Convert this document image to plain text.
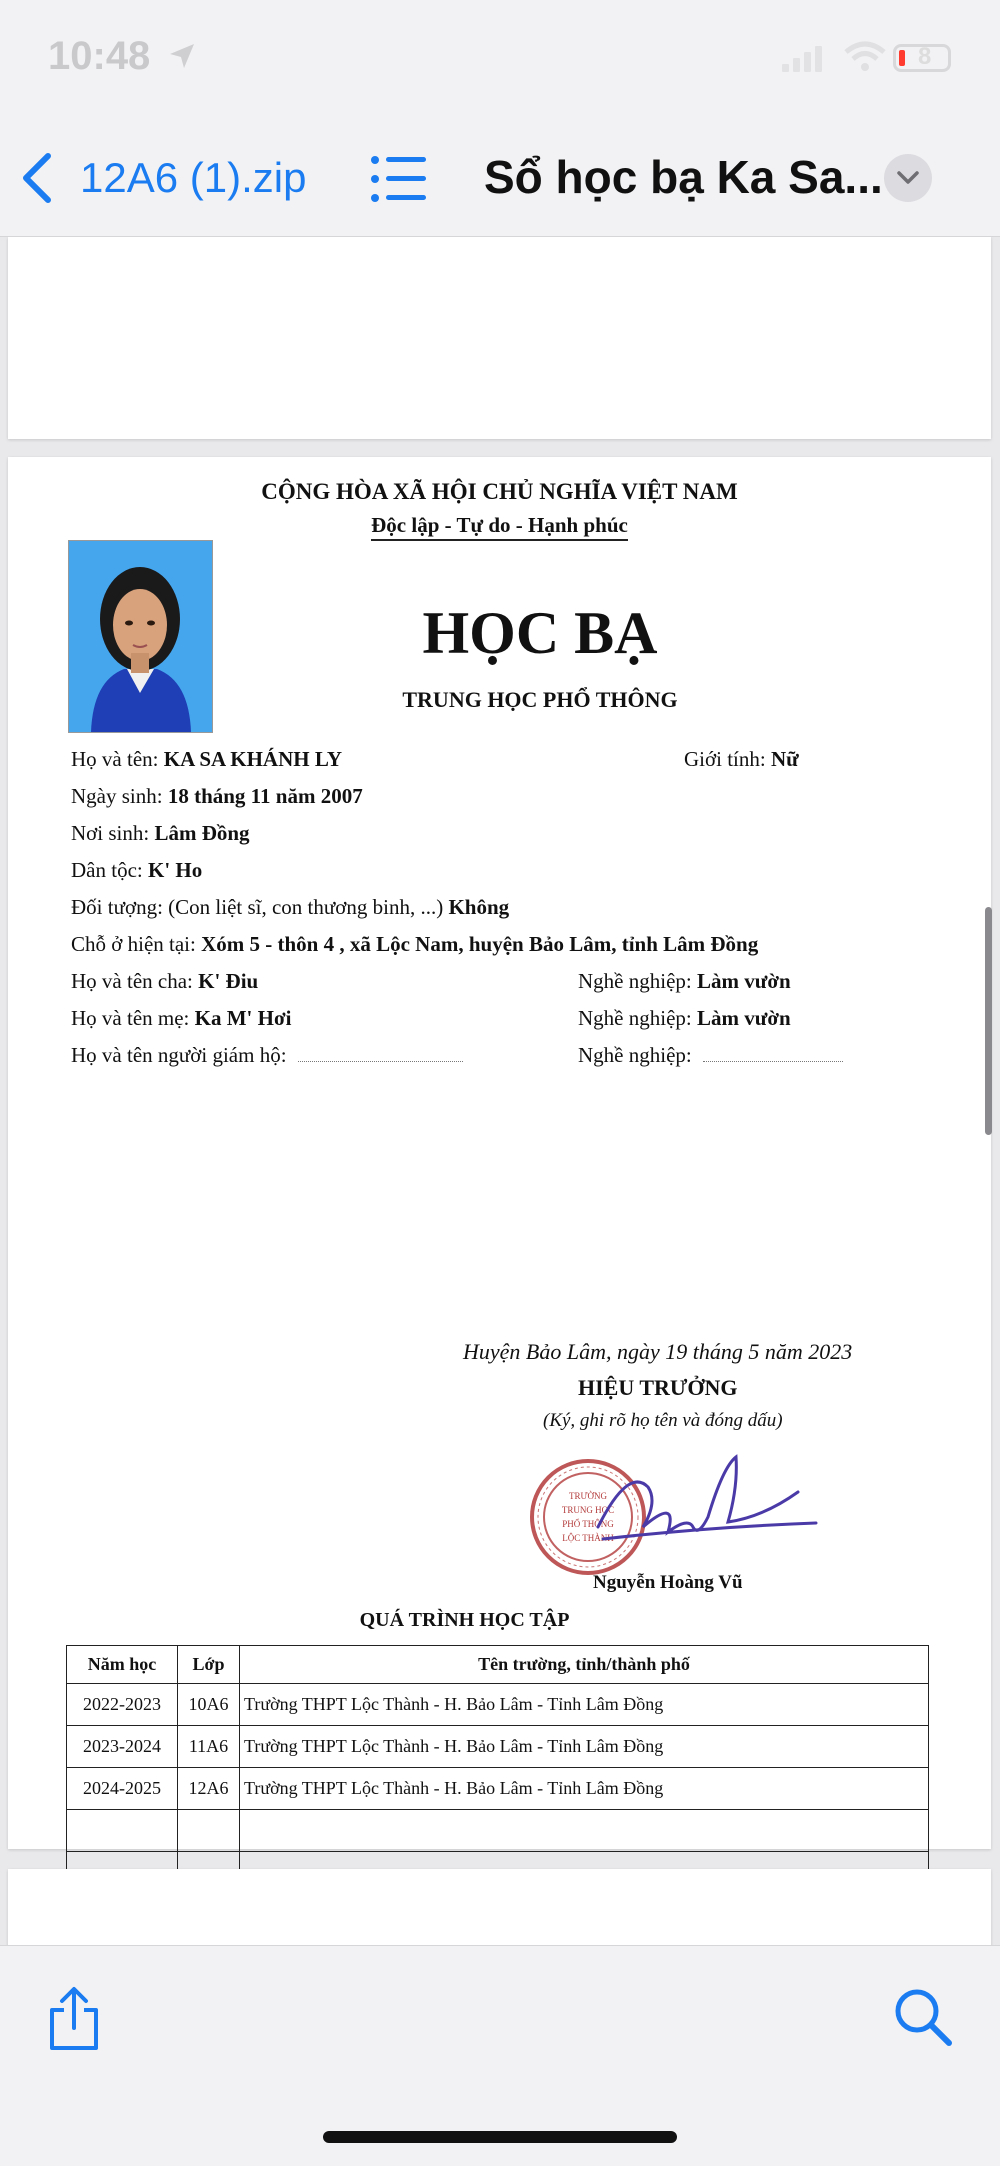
10:48	8
12A6 (1).zip	Sổ học bạ Ka Sa...
CỘNG HÒA XÃ HỘI CHỦ NGHĨA VIỆT NAM
Độc lập - Tự do - Hạnh phúc
HỌC BẠ
TRUNG HỌC PHỔ THÔNG
Họ và tên: KA SA KHÁNH LY	Giới tính: Nữ
Ngày sinh: 18 tháng 11 năm 2007
Nơi sinh: Lâm Đồng
Dân tộc: K' Ho
Đối tượng: (Con liệt sĩ, con thương binh, ...) Không
Chỗ ở hiện tại: Xóm 5 - thôn 4 , xã Lộc Nam, huyện Bảo Lâm, tỉnh Lâm Đồng
Họ và tên cha: K' Điu	Nghề nghiệp: Làm vườn
Họ và tên mẹ: Ka M' Hơi	Nghề nghiệp: Làm vườn
Họ và tên người giám hộ:	Nghề nghiệp:
Huyện Bảo Lâm, ngày 19 tháng 5 năm 2023
HIỆU TRƯỞNG
(Ký, ghi rõ họ tên và đóng dấu)
TRƯỜNG
TRUNG HỌC
PHỔ THÔNG
LỘC THÀNH
Nguyễn Hoàng Vũ
QUÁ TRÌNH HỌC TẬP
Năm học	Lớp	Tên trường, tỉnh/thành phố
2022-2023	10A6	Trường THPT Lộc Thành - H. Bảo Lâm - Tỉnh Lâm Đồng
2023-2024	11A6	Trường THPT Lộc Thành - H. Bảo Lâm - Tỉnh Lâm Đồng
2024-2025	12A6	Trường THPT Lộc Thành - H. Bảo Lâm - Tỉnh Lâm Đồng
